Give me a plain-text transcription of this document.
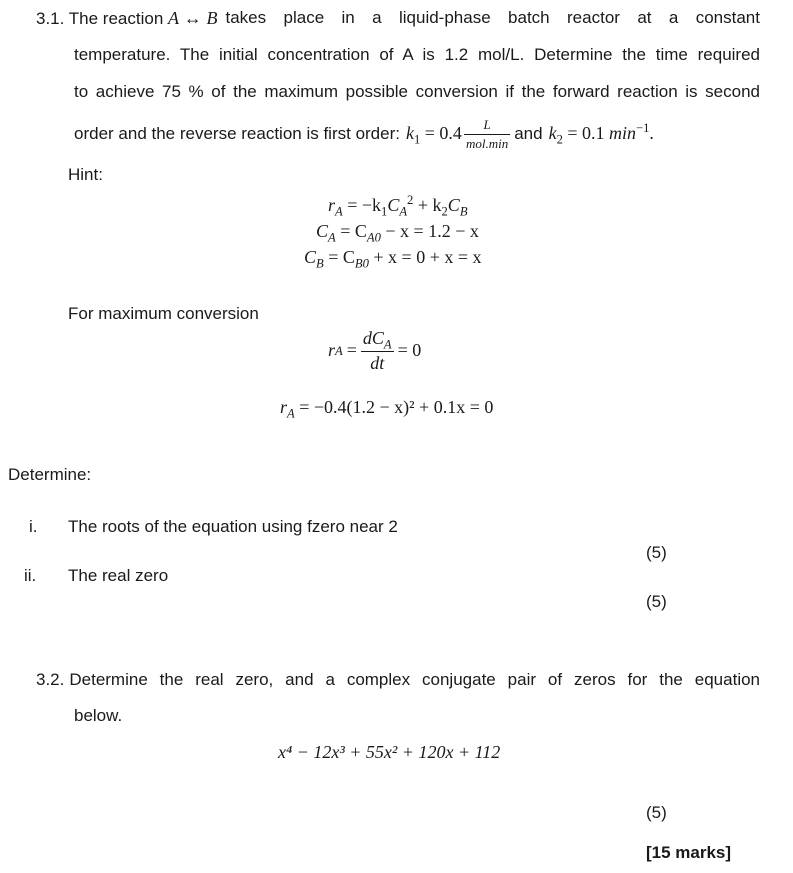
3.1. The reaction A ↔ B takes place in a liquid-phase batch reactor at a constant
temperature. The initial concentration of A is 1.2 mol/L. Determine the time required
to achieve 75 % of the maximum possible conversion if the forward reaction is second
order and the reverse reaction is first order: $k_1 = 0.4 \frac{L}{\text{mol.min}}$ and $k_2 = 0.1$ $\min^{-1}$.
Hint:
$r_A = -k_1C_A^2 + k_2C_B$
$C_A = C_{A0} - x = 1.2 - x$
$C_B = C_{B0} + x = 0 + x = x$
For maximum conversion
r $A = \frac{dC_A}{dt} = 0$
$r_A = -0.4(1.2 - x)^2 + 0.1x = 0$
Determine:
i. The roots of the equation using fzero near 2
(5)
ii. The real zero
(5)
3.2. Determine the real zero, and a complex conjugate pair of zeros for the equation
below.
x⁴ − 12x³ + 55x² + 120x + 112
(5)
[15 marks]
